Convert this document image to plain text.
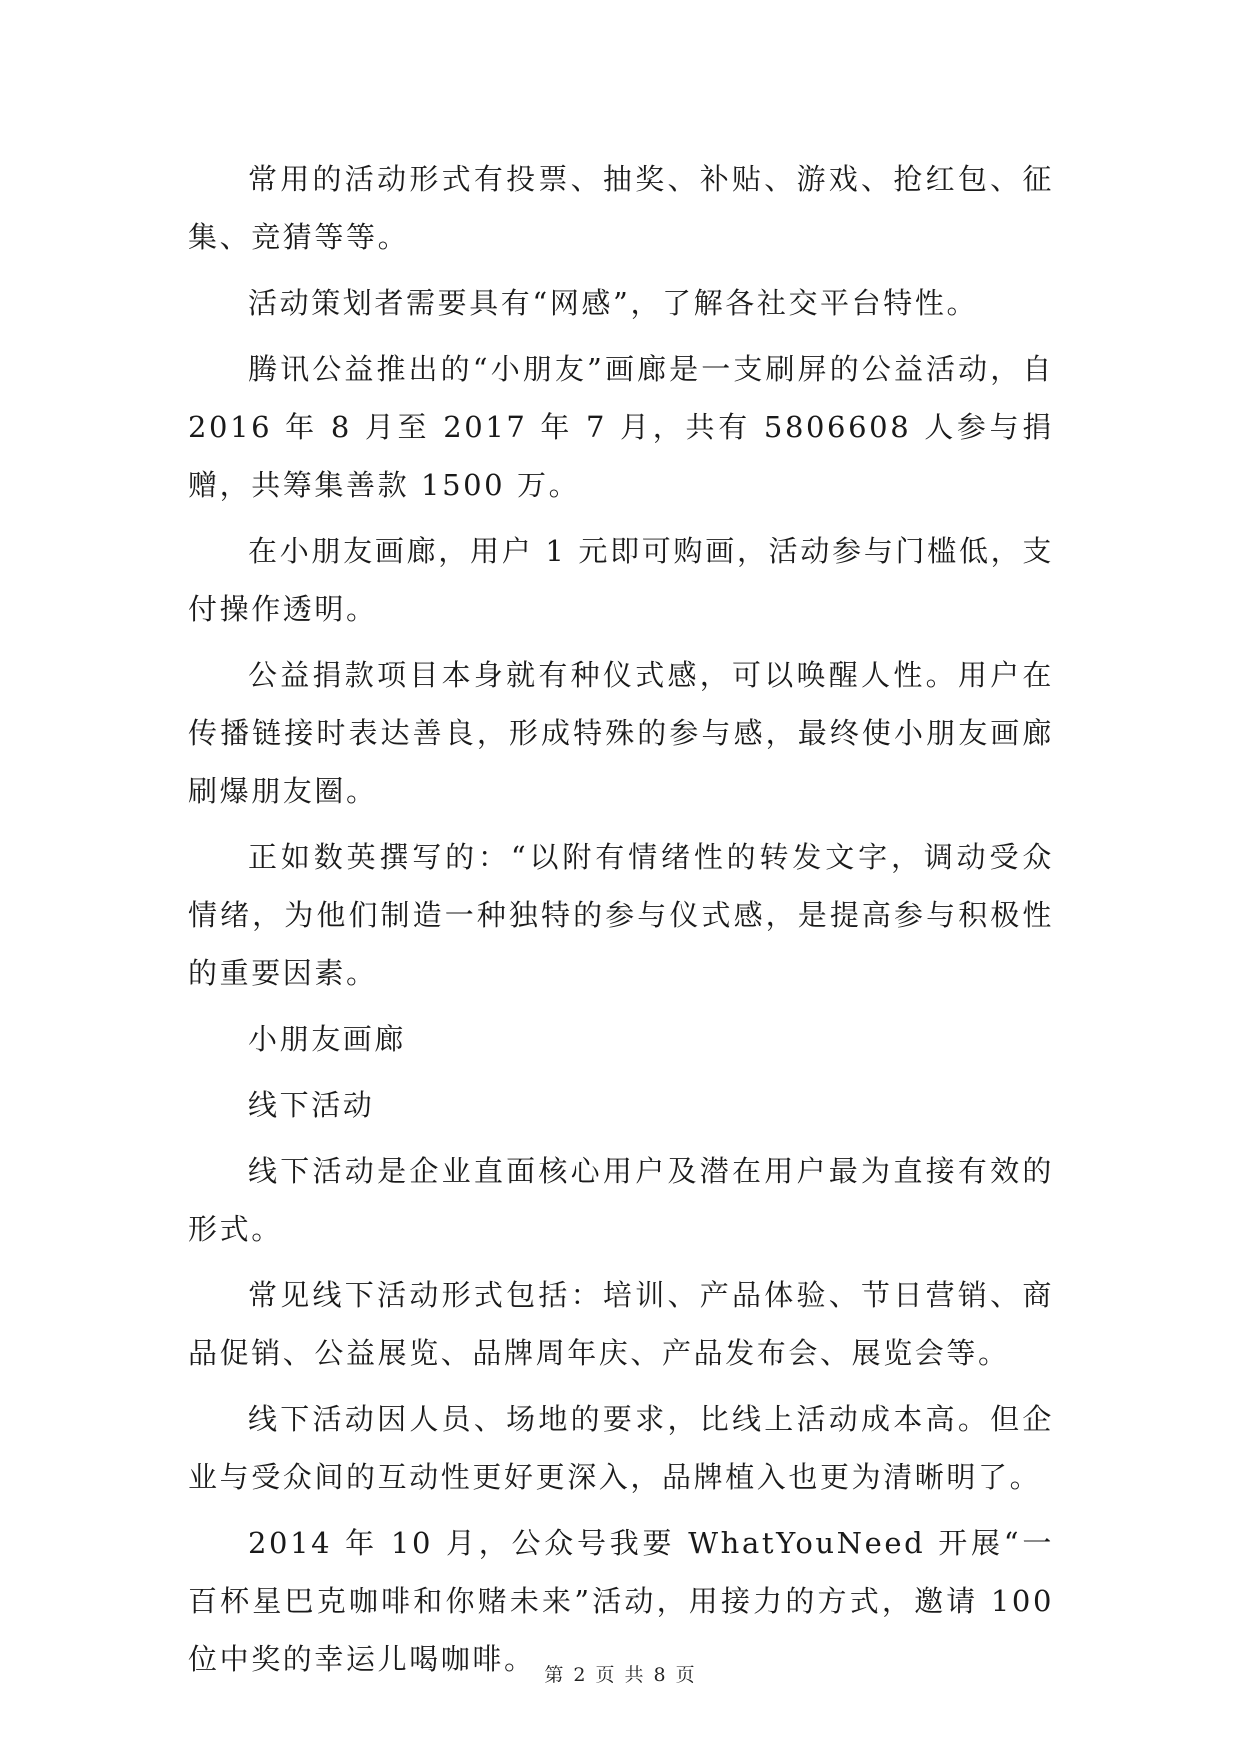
常用的活动形式有投票、抽奖、补贴、游戏、抢红包、征集、竞猜等等。

活动策划者需要具有“网感”，了解各社交平台特性。

腾讯公益推出的“小朋友”画廊是一支刷屏的公益活动，自 2016 年 8 月至 2017 年 7 月，共有 5806608 人参与捐赠，共筹集善款 1500 万。

在小朋友画廊，用户 1 元即可购画，活动参与门槛低，支付操作透明。

公益捐款项目本身就有种仪式感，可以唤醒人性。用户在传播链接时表达善良，形成特殊的参与感，最终使小朋友画廊刷爆朋友圈。

正如数英撰写的：“以附有情绪性的转发文字，调动受众情绪，为他们制造一种独特的参与仪式感，是提高参与积极性的重要因素。

小朋友画廊

线下活动

线下活动是企业直面核心用户及潜在用户最为直接有效的形式。

常见线下活动形式包括：培训、产品体验、节日营销、商品促销、公益展览、品牌周年庆、产品发布会、展览会等。

线下活动因人员、场地的要求，比线上活动成本高。但企业与受众间的互动性更好更深入，品牌植入也更为清晰明了。

2014 年 10 月，公众号我要 WhatYouNeed 开展“一百杯星巴克咖啡和你赌未来”活动，用接力的方式，邀请 100 位中奖的幸运儿喝咖啡。 第 2 页 共 8 页
